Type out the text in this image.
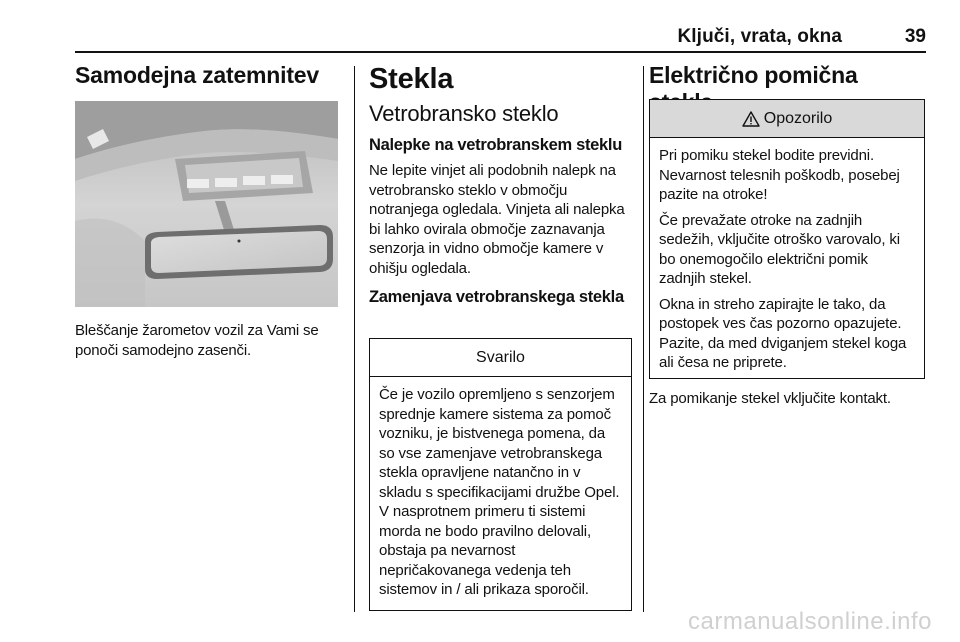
Ključi, vrata, okna	39
Samodejna zatemnitev
Bleščanje žarometov vozil za Vami se ponoči samodejno zasenči.
Stekla
Vetrobransko steklo
Nalepke na vetrobranskem steklu
Ne lepite vinjet ali podobnih nalepk na vetrobransko steklo v območju notranjega ogledala. Vinjeta ali nalepka bi lahko ovirala območje zaznavanja senzorja in vidno območje kamere v ohišju ogledala.
Zamenjava vetrobranskega stekla
Svarilo
Če je vozilo opremljeno s senzorjem sprednje kamere sistema za pomoč vozniku, je bistvenega pomena, da so vse zamenjave vetrobranskega stekla opravljene natančno in v skladu s specifikacijami družbe Opel. V nasprotnem primeru ti sistemi morda ne bodo pravilno delovali, obstaja pa nevarnost nepričakovanega vedenja teh sistemov in / ali prikaza sporočil.
Električno pomična
Opozorilo
Pri pomiku stekel bodite previdni. Nevarnost telesnih poškodb, posebej pazite na otroke!
Če prevažate otroke na zadnjih sedežih, vključite otroško varovalo, ki bo onemogočilo električni pomik zadnjih stekel.
Okna in streho zapirajte le tako, da postopek ves čas pozorno opazujete. Pazite, da med dviganjem stekel koga ali česa ne priprete.
Za pomikanje stekel vključite kontakt.
carmanualsonline.info
